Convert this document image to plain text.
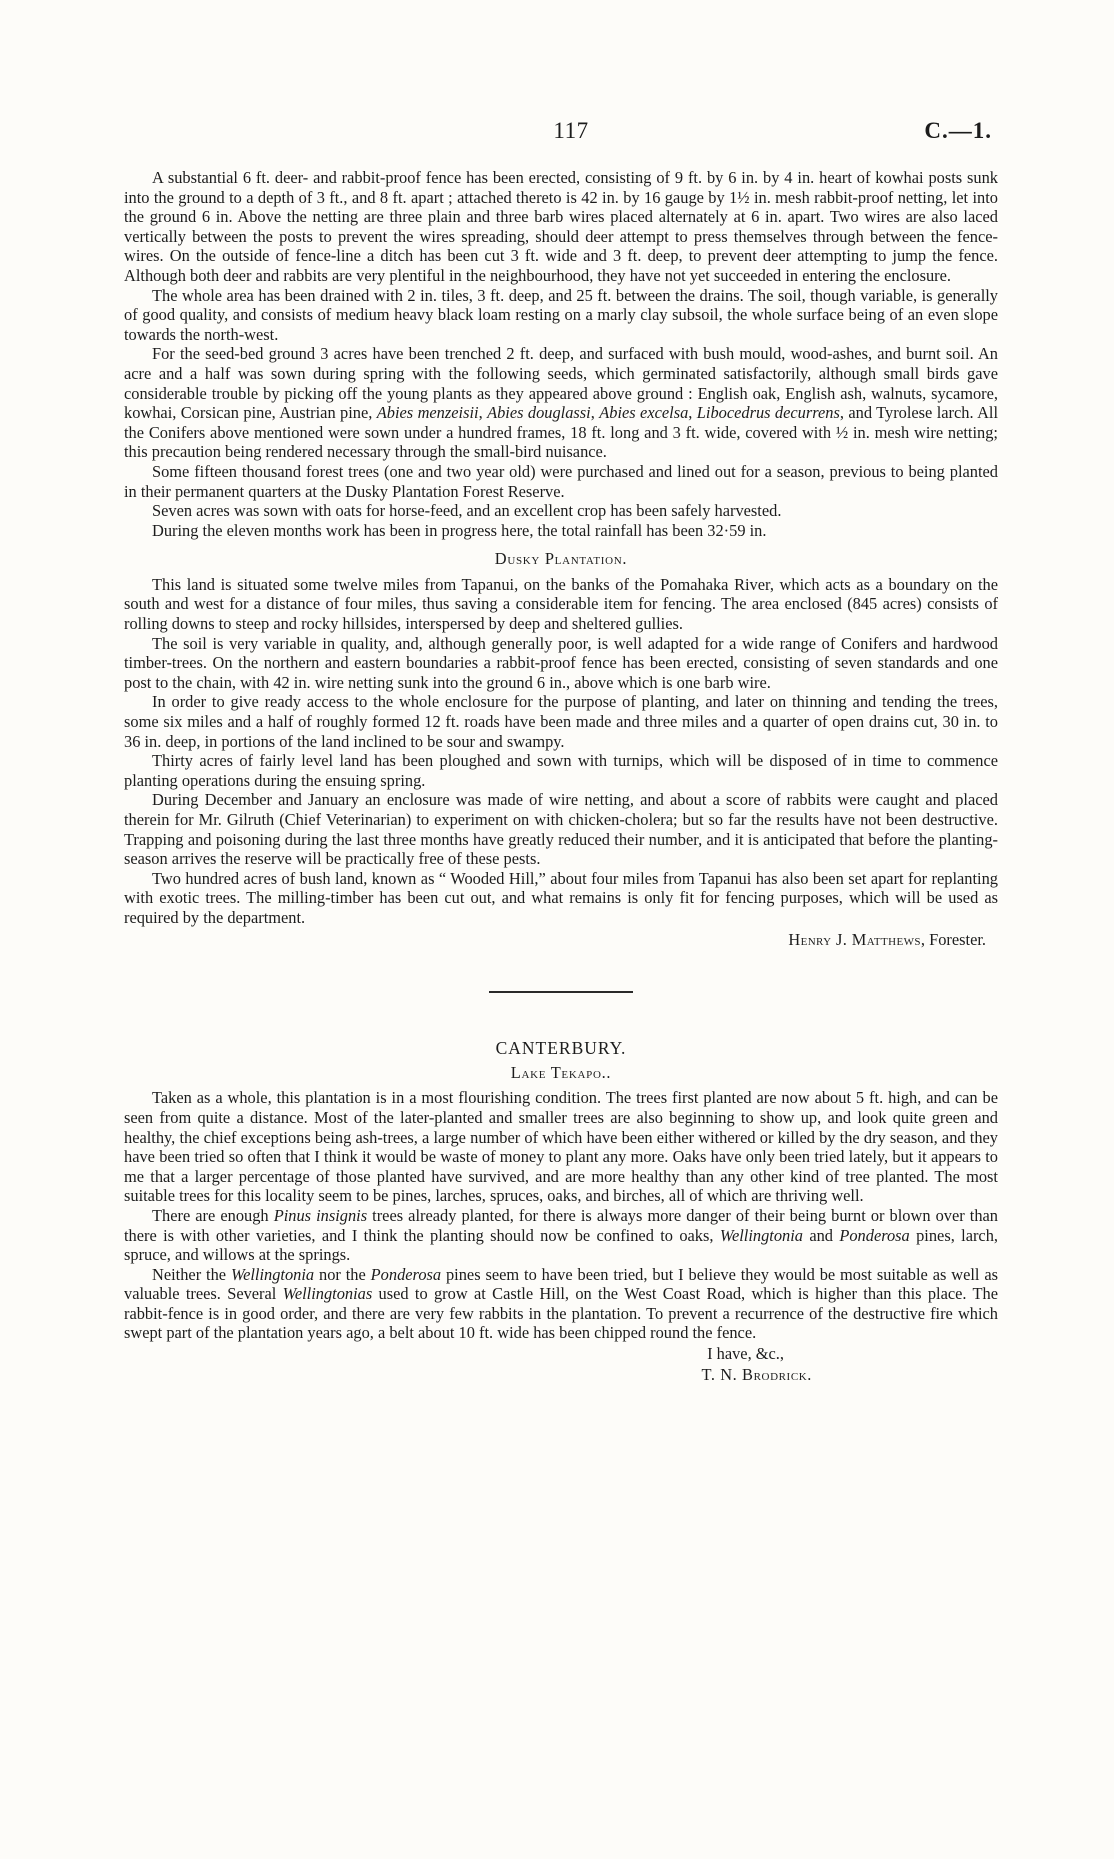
117	C.—1.

A substantial 6 ft. deer- and rabbit-proof fence has been erected, consisting of 9 ft. by 6 in. by 4 in. heart of kowhai posts sunk into the ground to a depth of 3 ft., and 8 ft. apart ; attached thereto is 42 in. by 16 gauge by 1½ in. mesh rabbit-proof netting, let into the ground 6 in. Above the netting are three plain and three barb wires placed alternately at 6 in. apart. Two wires are also laced vertically between the posts to prevent the wires spreading, should deer attempt to press themselves through between the fence-wires. On the outside of fence-line a ditch has been cut 3 ft. wide and 3 ft. deep, to prevent deer attempting to jump the fence. Although both deer and rabbits are very plentiful in the neighbourhood, they have not yet succeeded in entering the enclosure.

The whole area has been drained with 2 in. tiles, 3 ft. deep, and 25 ft. between the drains. The soil, though variable, is generally of good quality, and consists of medium heavy black loam resting on a marly clay subsoil, the whole surface being of an even slope towards the north-west.

For the seed-bed ground 3 acres have been trenched 2 ft. deep, and surfaced with bush mould, wood-ashes, and burnt soil. An acre and a half was sown during spring with the following seeds, which germinated satisfactorily, although small birds gave considerable trouble by picking off the young plants as they appeared above ground : English oak, English ash, walnuts, sycamore, kowhai, Corsican pine, Austrian pine, Abies menzeisii, Abies douglassi, Abies excelsa, Libocedrus decurrens, and Tyrolese larch. All the Conifers above mentioned were sown under a hundred frames, 18 ft. long and 3 ft. wide, covered with ½ in. mesh wire netting; this precaution being rendered necessary through the small-bird nuisance.

Some fifteen thousand forest trees (one and two year old) were purchased and lined out for a season, previous to being planted in their permanent quarters at the Dusky Plantation Forest Reserve.

Seven acres was sown with oats for horse-feed, and an excellent crop has been safely harvested.

During the eleven months work has been in progress here, the total rainfall has been 32·59 in.

Dusky Plantation.

This land is situated some twelve miles from Tapanui, on the banks of the Pomahaka River, which acts as a boundary on the south and west for a distance of four miles, thus saving a considerable item for fencing. The area enclosed (845 acres) consists of rolling downs to steep and rocky hillsides, interspersed by deep and sheltered gullies.

The soil is very variable in quality, and, although generally poor, is well adapted for a wide range of Conifers and hardwood timber-trees. On the northern and eastern boundaries a rabbit-proof fence has been erected, consisting of seven standards and one post to the chain, with 42 in. wire netting sunk into the ground 6 in., above which is one barb wire.

In order to give ready access to the whole enclosure for the purpose of planting, and later on thinning and tending the trees, some six miles and a half of roughly formed 12 ft. roads have been made and three miles and a quarter of open drains cut, 30 in. to 36 in. deep, in portions of the land inclined to be sour and swampy.

Thirty acres of fairly level land has been ploughed and sown with turnips, which will be disposed of in time to commence planting operations during the ensuing spring.

During December and January an enclosure was made of wire netting, and about a score of rabbits were caught and placed therein for Mr. Gilruth (Chief Veterinarian) to experiment on with chicken-cholera; but so far the results have not been destructive. Trapping and poisoning during the last three months have greatly reduced their number, and it is anticipated that before the planting-season arrives the reserve will be practically free of these pests.

Two hundred acres of bush land, known as “ Wooded Hill,” about four miles from Tapanui has also been set apart for replanting with exotic trees. The milling-timber has been cut out, and what remains is only fit for fencing purposes, which will be used as required by the department.

Henry J. Matthews, Forester.
CANTERBURY.
Lake Tekapo..

Taken as a whole, this plantation is in a most flourishing condition. The trees first planted are now about 5 ft. high, and can be seen from quite a distance. Most of the later-planted and smaller trees are also beginning to show up, and look quite green and healthy, the chief exceptions being ash-trees, a large number of which have been either withered or killed by the dry season, and they have been tried so often that I think it would be waste of money to plant any more. Oaks have only been tried lately, but it appears to me that a larger percentage of those planted have survived, and are more healthy than any other kind of tree planted. The most suitable trees for this locality seem to be pines, larches, spruces, oaks, and birches, all of which are thriving well.

There are enough Pinus insignis trees already planted, for there is always more danger of their being burnt or blown over than there is with other varieties, and I think the planting should now be confined to oaks, Wellingtonia and Ponderosa pines, larch, spruce, and willows at the springs.

Neither the Wellingtonia nor the Ponderosa pines seem to have been tried, but I believe they would be most suitable as well as valuable trees. Several Wellingtonias used to grow at Castle Hill, on the West Coast Road, which is higher than this place. The rabbit-fence is in good order, and there are very few rabbits in the plantation. To prevent a recurrence of the destructive fire which swept part of the plantation years ago, a belt about 10 ft. wide has been chipped round the fence.

I have, &c.,
T. N. Brodrick.
